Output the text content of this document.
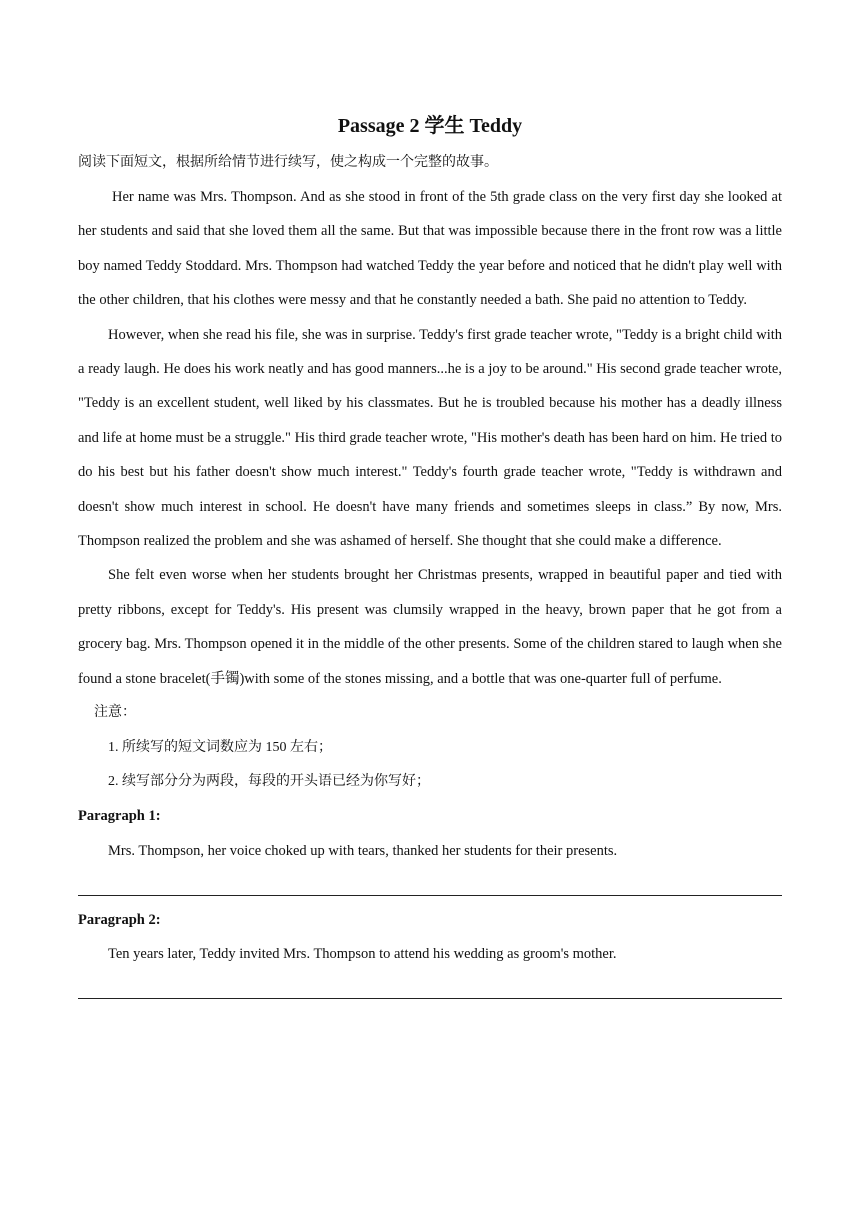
Passage 2 学生 Teddy

阅读下面短文，根据所给情节进行续写，使之构成一个完整的故事。

Her name was Mrs. Thompson. And as she stood in front of the 5th grade class on the very first day she looked at her students and said that she loved them all the same. But that was impossible because there in the front row was a little boy named Teddy Stoddard. Mrs. Thompson had watched Teddy the year before and noticed that he didn't play well with the other children, that his clothes were messy and that he constantly needed a bath. She paid no attention to Teddy.

However, when she read his file, she was in surprise. Teddy's first grade teacher wrote, "Teddy is a bright child with a ready laugh. He does his work neatly and has good manners...he is a joy to be around." His second grade teacher wrote, "Teddy is an excellent student, well liked by his classmates. But he is troubled because his mother has a deadly illness and life at home must be a struggle." His third grade teacher wrote, "His mother's death has been hard on him. He tried to do his best but his father doesn't show much interest." Teddy's fourth grade teacher wrote, "Teddy is withdrawn and doesn't show much interest in school. He doesn't have many friends and sometimes sleeps in class.” By now, Mrs. Thompson realized the problem and she was ashamed of herself. She thought that she could make a difference.

She felt even worse when her students brought her Christmas presents, wrapped in beautiful paper and tied with pretty ribbons, except for Teddy's. His present was clumsily wrapped in the heavy, brown paper that he got from a grocery bag. Mrs. Thompson opened it in the middle of the other presents. Some of the children stared to laugh when she found a stone bracelet(手镯)with some of the stones missing, and a bottle that was one-quarter full of perfume.

注意：

1. 所续写的短文词数应为 150 左右；

2. 续写部分分为两段，每段的开头语已经为你写好；

Paragraph 1:

Mrs. Thompson, her voice choked up with tears, thanked her students for their presents.

Paragraph 2:

Ten years later, Teddy invited Mrs. Thompson to attend his wedding as groom's mother.
